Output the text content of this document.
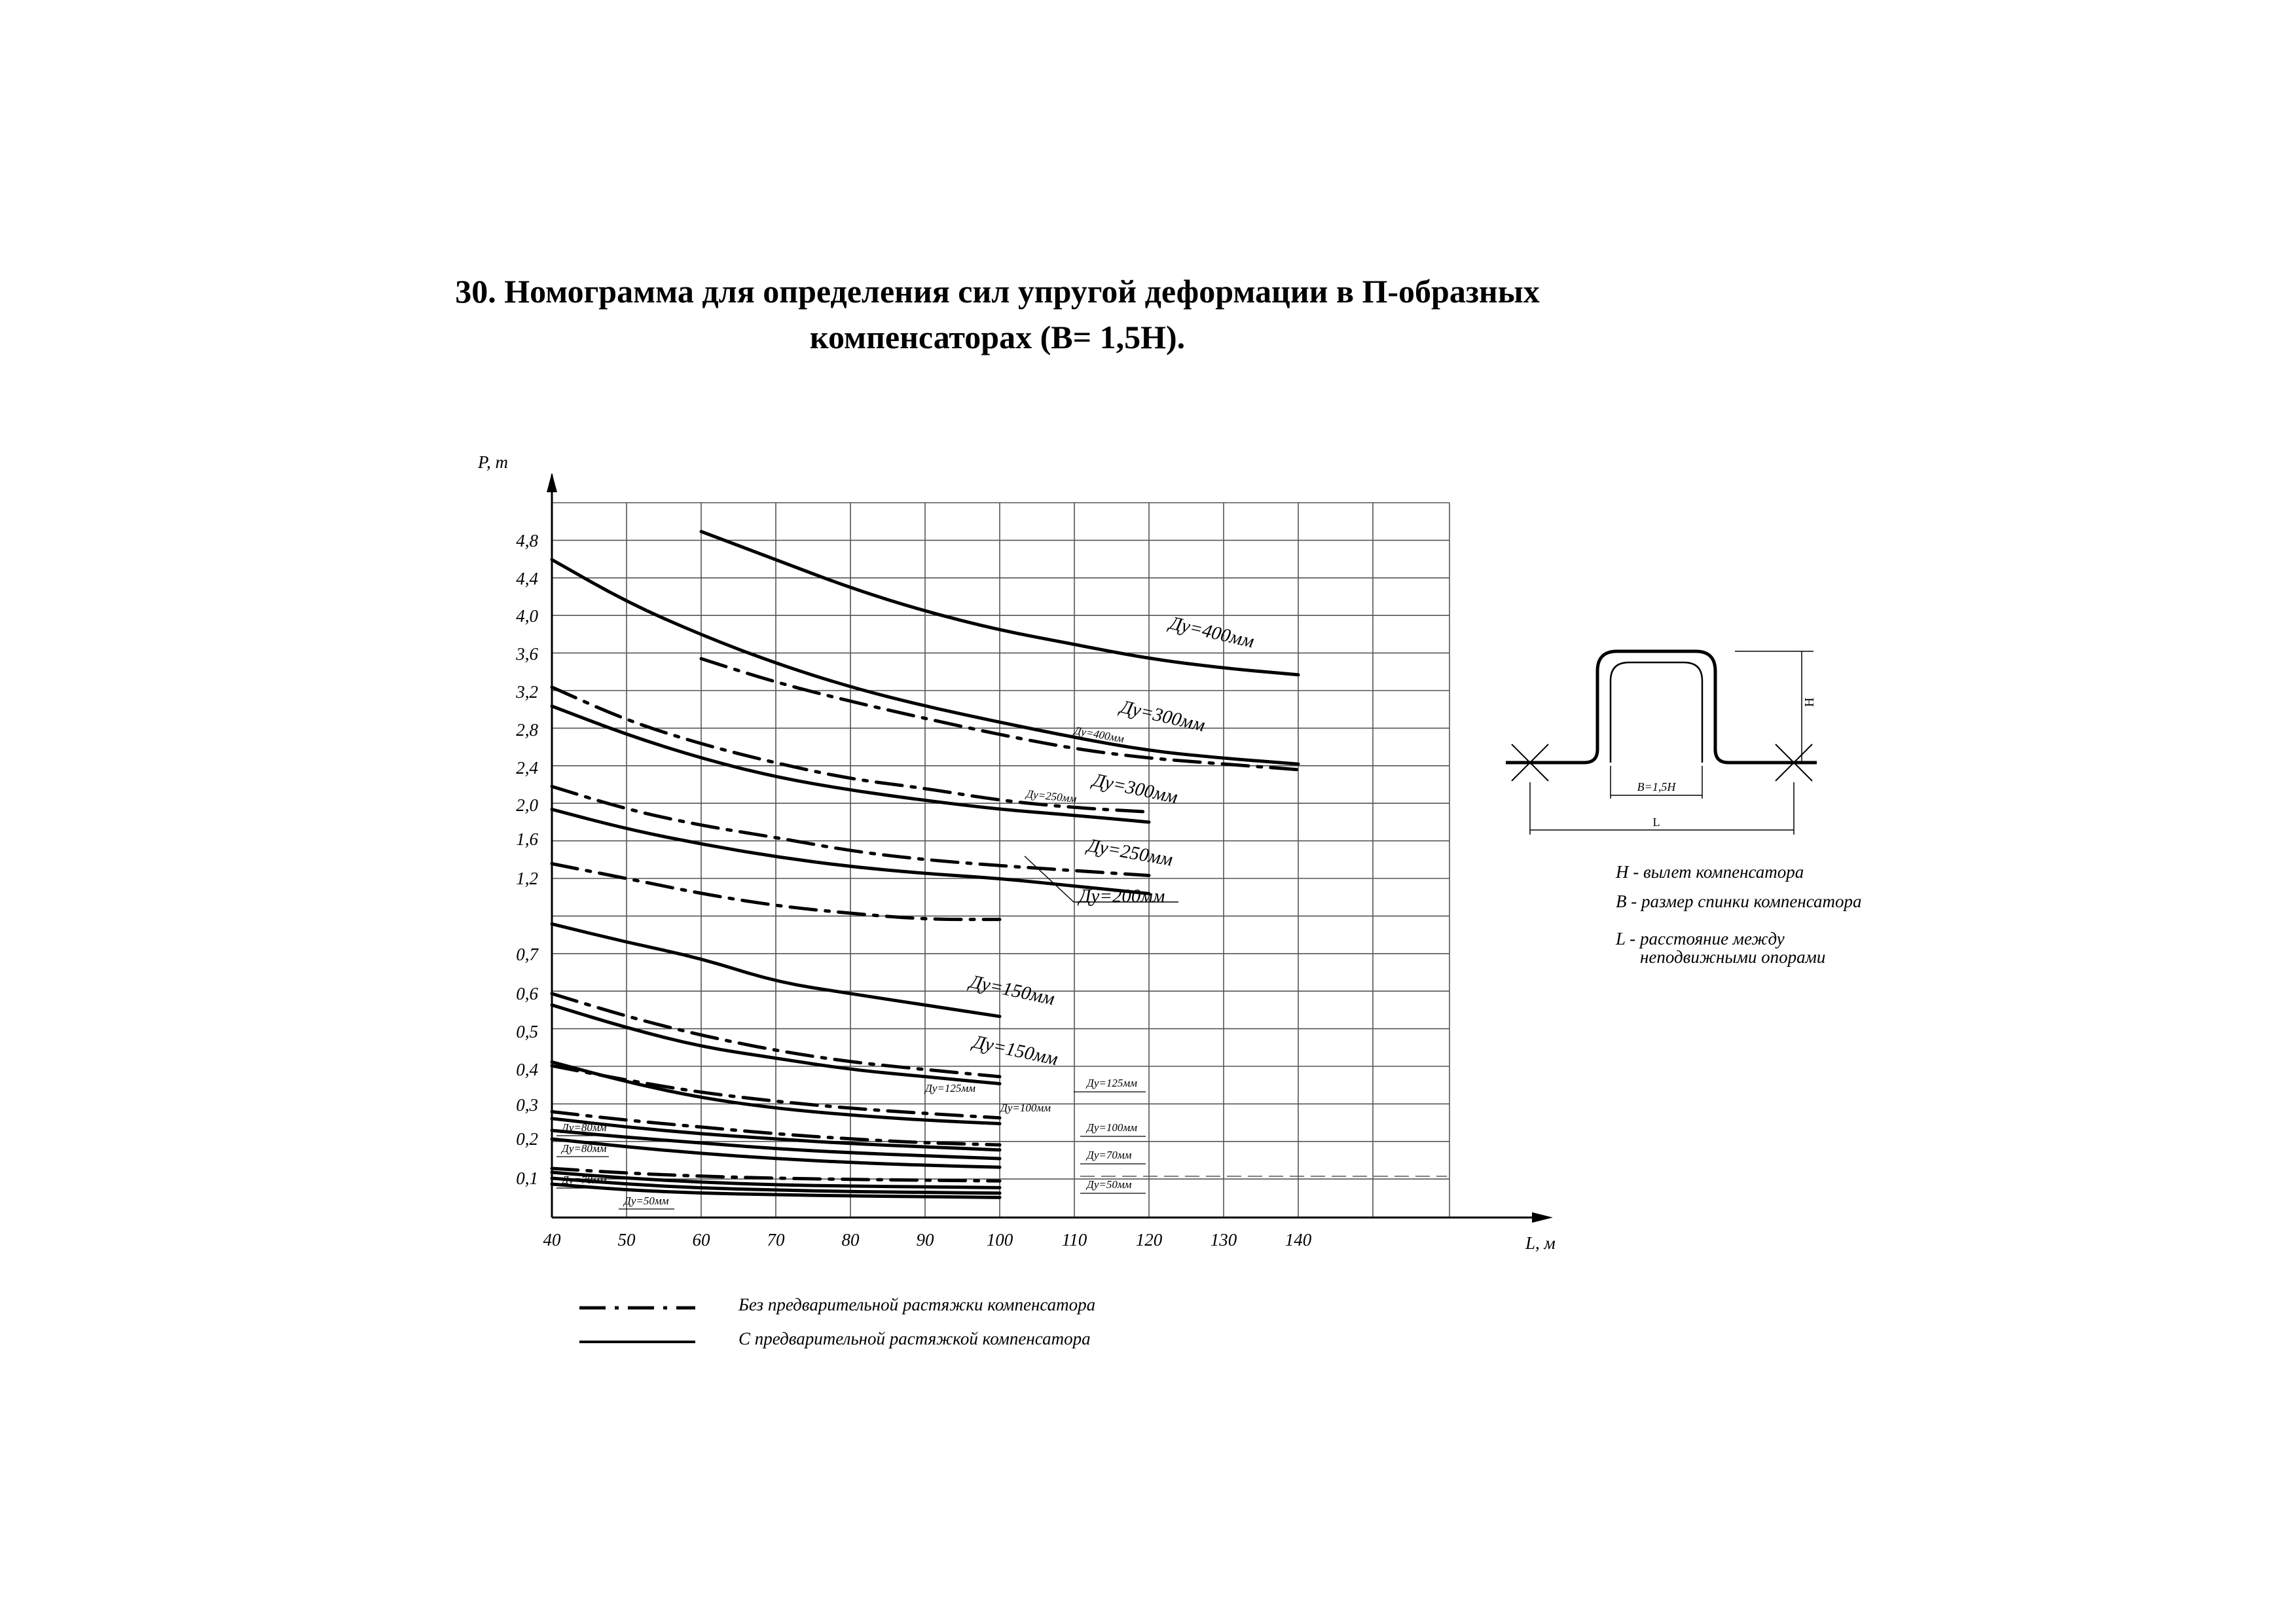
30. Номограмма для определения сил упругой деформации в П-образных
компенсаторах (В= 1,5Н).
P, т
L, м
40	50	60	70	80	90	100	110	120	130	140
4,8
4,4
4,0
3,6
3,2
2,8
2,4
2,0
1,6
1,2
0,7
0,6
0,5
0,4
0,3
0,2
0,1
Ду=400мм
Ду=300мм
Ду=300мм
Ду=250мм
Ду=200мм
Ду=150мм
Ду=150мм
Ду=400мм
Ду=250мм
Ду=125мм
Ду=100мм
Ду=125мм
Ду=100мм
Ду=70мм
Ду=50мм
Ду=80мм
Ду=80мм
Ду=70мм
Ду=50мм
Н
В=1,5Н
L
Н - вылет компенсатора
В - размер спинки компенсатора
L - расстояние между
неподвижными опорами
Без предварительной растяжки компенсатора
С предварительной растяжкой компенсатора
